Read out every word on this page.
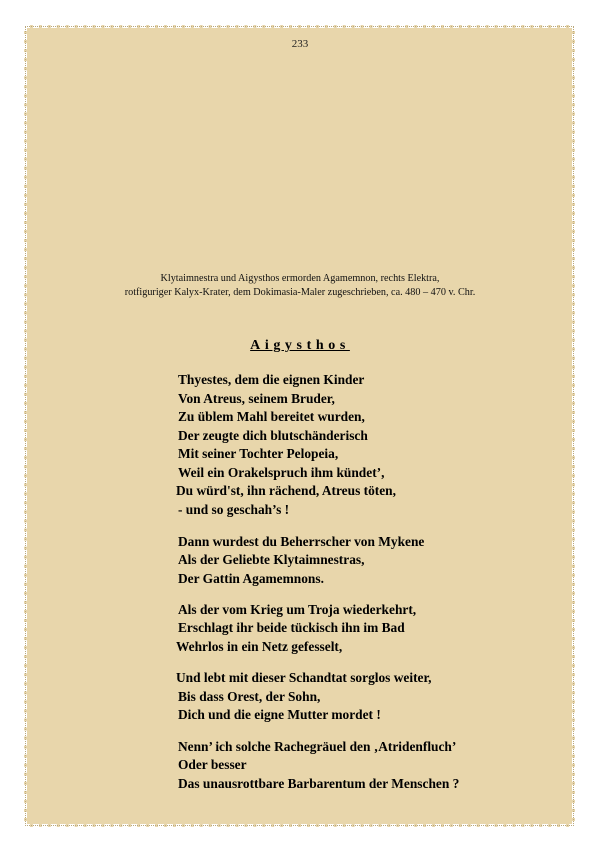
233
Klytaimnestra und Aigysthos ermorden Agamemnon, rechts Elektra,
rotfiguriger Kalyx-Krater, dem Dokimasia-Maler zugeschrieben, ca. 480 – 470 v. Chr.
Aigysthos
Thyestes, dem die eignen Kinder
Von Atreus, seinem Bruder,
Zu üblem Mahl bereitet wurden,
Der zeugte dich blutschänderisch
Mit seiner Tochter Pelopeia,
Weil ein Orakelspruch ihm kündet’,
Du würd'st, ihn rächend, Atreus töten,
- und so geschah’s !
Dann wurdest du Beherrscher von Mykene
Als der Geliebte Klytaimnestras,
Der Gattin Agamemnons.
Als der vom Krieg um Troja wiederkehrt,
Erschlagt ihr beide tückisch ihn im Bad
Wehrlos in ein Netz gefesselt,
Und lebt mit dieser Schandtat sorglos weiter,
Bis dass Orest, der Sohn,
Dich und die eigne Mutter mordet !
Nenn’ ich solche Rachegräuel den ‚Atridenfluch’
Oder besser
Das unausrottbare Barbarentum der Menschen ?
